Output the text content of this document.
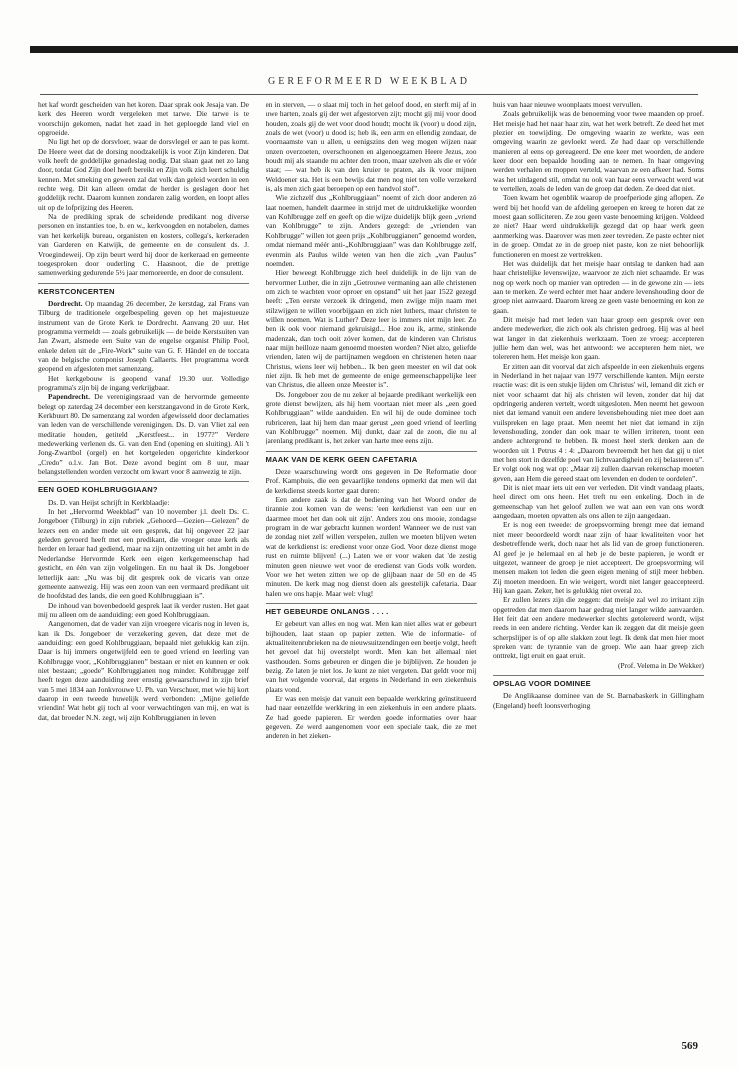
GEREFORMEERD WEEKBLAD

het kaf wordt gescheiden van het koren. Daar sprak ook Jesaja van. De kerk des Heeren wordt vergeleken met tarwe. Die tarwe is te voorschijn gekomen, nadat het zaad in het geploegde land viel en opgroeide.

Nu ligt het op de dorsvloer, waar de dorsvlegel er aan te pas komt. De Heere weet dat de dorsing noodzakelijk is voor Zijn kinderen. Dat volk heeft de goddelijke genadeslag nodig. Dat slaan gaat net zo lang door, totdat God Zijn doel heeft bereikt en Zijn volk zich leert schuldig kennen. Met smeking en geween zal dat volk dan geleid worden in een rechte weg. Dit kan alleen omdat de herder is geslagen door het goddelijk recht. Daarom kunnen zondaren zalig worden, en loopt alles uit op de lofprijzing des Heeren.

Na de prediking sprak de scheidende predikant nog diverse personen en instanties toe, b. en w., kerkvoogden en notabelen, dames van het kerkelijk bureau, organisten en kosters, collega's, kerkeraden van Garderen en Katwijk, de gemeente en de consulent ds. J. Vroegindeweij. Op zijn beurt werd hij door de kerkeraad en gemeente toegesproken door ouderling C. Haasnoot, die de prettige samenwerking gedurende 5½ jaar memoreerde, en door de consulent.

KERSTCONCERTEN

Dordrecht. Op maandag 26 december, 2e kerstdag, zal Frans van Tilburg de traditionele orgelbespeling geven op het majestueuze instrument van de Grote Kerk te Dordrecht. Aanvang 20 uur. Het programma vermeldt — zoals gebruikelijk — de beide Kerstsuiten van Jan Zwart, alsmede een Suite van de engelse organist Philip Pool, enkele delen uit de „Fire-Work” suite van G. F. Händel en de toccata van de belgische componist Joseph Callaerts. Het programma wordt geopend en afgesloten met samenzang.

Het kerkgebouw is geopend vanaf 19.30 uur. Volledige programma's zijn bij de ingang verkrijgbaar.

Papendrecht. De verenigingsraad van de hervormde gemeente belegt op zaterdag 24 december een kerstzangavond in de Grote Kerk, Kerkbuurt 80. De samenzang zal worden afgewisseld door declamaties van leden van de verschillende verenigingen. Ds. D. van Vliet zal een meditatie houden, getiteld „Kerstfeest... in 1977?” Verdere medewerking verlenen ds. G. van den End (opening en sluiting). Ali 't Jong-Zwartbol (orgel) en het kortgeleden opgerichte kinderkoor „Credo” o.l.v. Jan Bot. Deze avond begint om 8 uur, maar belangstellenden worden verzocht om kwart voor 8 aanwezig te zijn.

EEN GOED KOHLBRUGGIAAN?

Ds. D. van Heijst schrijft in Kerkblaadje:

In het „Hervormd Weekblad” van 10 november j.l. deelt Ds. C. Jongeboer (Tilburg) in zijn rubriek „Gehoord—Gezien—Gelezen” de lezers een en ander mede uit een gesprek, dat hij ongeveer 22 jaar geleden gevoerd heeft met een predikant, die vroeger onze kerk als herder en leraar had gediend, maar na zijn ontzetting uit het ambt in de Nederlandse Hervormde Kerk een eigen kerkgemeenschap had gesticht, en één van zijn volgelingen. En nu haal ik Ds. Jongeboer letterlijk aan: „Nu was bij dit gesprek ook de vicaris van onze gemeente aanwezig. Hij was een zoon van een vermaard predikant uit de hoofdstad des lands, die een goed Kohlbruggiaan is”.

De inhoud van bovenbedoeld gesprek laat ik verder rusten. Het gaat mij nu alleen om de aanduiding: een goed Kohlbruggiaan.

Aangenomen, dat de vader van zijn vroegere vicaris nog in leven is, kan ik Ds. Jongeboer de verzekering geven, dat deze met de aanduiding: een goed Kohlbruggiaan, bepaald niet gelukkig kan zijn. Daar is hij immers ongetwijfeld een te goed vriend en leerling van Kohlbrugge voor, „Kohlbruggianen” bestaan er niet en kunnen er ook niet bestaan; „goede” Kohlbruggianen nog minder. Kohlbrugge zelf heeft tegen deze aanduiding zeer ernstig gewaarschuwd in zijn brief van 5 mei 1834 aan Jonkvrouwe U. Ph. van Verschuer, met wie hij kort daarop in een tweede huwelijk werd verbonden: „Mijne geliefde vriendin! Wat hebt gij toch al voor verwachtingen van mij, en wat is dat, dat broeder N.N. zegt, wij zijn Kohlbruggianen in leven

en in sterven, — o slaat mij toch in het geloof dood, en sterft mij af in uwe harten, zoals gij der wet afgestorven zijt; mocht gij mij voor dood houden, zoals gij de wet voor dood houdt; mocht ik (voor) u dood zijn, zoals de wet (voor) u dood is; heb ik, een arm en ellendig zondaar, de voornaamste van u allen, u eenigszins den weg mogen wijzen naar onzen overzoeten, overschoonen en algenoegzamen Heere Jezus, zoo houdt mij als staande nu achter den troon, maar uzelven als die er vóór staat; — wat heb ik van den kruier te praten, als ik voor mijnen Weldoener sta. Het is een bewijs dat men nog niet ten volle verzekerd is, als men zich gaat beroepen op een handvol stof”.

Wie zichzelf dus „Kohlbruggiaan” noemt of zich door anderen zó laat noemen, handelt daarmee in strijd met de uitdrukkelijke woorden van Kohlbrugge zelf en geeft op die wijze duidelijk blijk geen „vriend van Kohlbrugge” te zijn. Anders gezegd: de „vrienden van Kohlbrugge” willen tot geen prijs „Kohlbruggianen” genoemd worden, omdat niemand méér anti-„Kohlbruggiaan” was dan Kohlbrugge zelf, evenmin als Paulus wilde weten van hen die zich „van Paulus” noemden.

Hier beweegt Kohlbrugge zich heel duidelijk in de lijn van de hervormer Luther, die in zijn „Getrouwe vermaning aan alle christenen om zich te wachten voor oproer en opstand” uit het jaar 1522 gezegd heeft: „Ten eerste verzoek ik dringend, men zwijge mijn naam met stilzwijgen te willen voorbijgaan en zich niet luthers, maar christen te willen noemen. Wat is Luther? Deze leer is immers niet mijn leer. Zo ben ik ook voor niemand gekruisigd... Hoe zou ik, arme, stinkende madenzak, dan toch ooit zóver komen, dat de kinderen van Christus naar mijn heilloze naam genoemd moesten worden? Niet alzo, geliefde vrienden, laten wij de partijnamen wegdoen en christenen heten naar Christus, wiens leer wij hebben... Ik ben geen meester en wil dat ook niet zijn. Ik heb met de gemeente de enige gemeenschappelijke leer van Christus, die alleen onze Meester is”.

Ds. Jongeboer zou de nu zeker al bejaarde predikant werkelijk een grote dienst bewijzen, als hij hem voortaan niet meer als „een goed Kohlbruggiaan” wilde aanduiden. En wil hij de oude dominee toch rubriceren, laat hij hem dan maar gerust „een goed vriend of leerling van Kohlbrugge” noemen. Mij dunkt, daar zal de zoon, die nu al jarenlang predikant is, het zeker van harte mee eens zijn.

MAAK VAN DE KERK GEEN CAFETARIA

Deze waarschuwing wordt ons gegeven in De Reformatie door Prof. Kamphuis, die een gevaarlijke tendens opmerkt dat men wil dat de kerkdienst steeds korter gaat duren:

Een andere zaak is dat de bediening van het Woord onder de tirannie zou komen van de wens: 'een kerkdienst van een uur en daarmee moet het dan ook uit zijn'. Anders zou ons mooie, zondagse program in de war gebracht kunnen worden! Wanneer we de rust van de zondag niet zelf willen verspelen, zullen we moeten blijven weten wat de kerkdienst is: eredienst voor onze God. Voor deze dienst moge rust en ruimte blijven! (...) Laten we er voor waken dat 'de zestig minuten geen nieuwe wet voor de eredienst van Gods volk worden. Voor we het weten zitten we op de glijbaan naar de 50 en de 45 minuten. De kerk mag nog dienst doen als geestelijk cafetaria. Daar halen we ons hapje. Maar wel: vlug!

HET GEBEURDE ONLANGS . . . .

Er gebeurt van alles en nog wat. Men kan niet alles wat er gebeurt bijhouden, laat staan op papier zetten. Wie de informatie- of aktualiteitenrubrieken na de nieuwsuitzendingen een beetje volgt, heeft het gevoel dat hij overstelpt wordt. Men kan het allemaal niet vasthouden. Soms gebeuren er dingen die je bijblijven. Ze houden je bezig. Ze laten je niet los. Je kunt ze niet vergeten. Dat geldt voor mij van het volgende voorval, dat ergens in Nederland in een ziekenhuis plaats vond.

Er was een meisje dat vanuit een bepaalde werkkring geïnstitueerd had naar eenzelfde werkkring in een ziekenhuis in een andere plaats. Ze had goede papieren. Er werden goede informaties over haar gegeven. Ze werd aangenomen voor een speciale taak, die ze met anderen in het zieken-

huis van haar nieuwe woonplaats moest vervullen.

Zoals gebruikelijk was de benoeming voor twee maanden op proef. Het meisje had het naar haar zin, wat het werk betreft. Ze deed het met plezier en toewijding. De omgeving waarin ze werkte, was een omgeving waarin ze gevloekt werd. Ze had daar op verschillende manieren al eens op gereageerd. De ene keer met woorden, de andere keer door een bepaalde houding aan te nemen. In haar omgeving werden verhalen en moppen verteld, waarvan ze een afkeer had. Soms was het uitdagend stil, omdat nu ook van haar eens verwacht werd wat te vertellen, zoals de leden van de groep dat deden. Ze deed dat niet.

Toen kwam het ogenblik waarop de proefperiode ging aflopen. Ze werd bij het hoofd van de afdeling geroepen en kreeg te horen dat ze moest gaan solliciteren. Ze zou geen vaste benoeming krijgen. Voldeed ze niet? Haar werd uitdrukkelijk gezegd dat op haar werk geen aanmerking was. Daarover was men zeer tevreden. Ze paste echter niet in de groep. Omdat ze in de groep niet paste, kon ze niet behoorlijk functioneren en moest ze vertrekken.

Het was duidelijk dat het meisje haar ontslag te danken had aan haar christelijke levenswijze, waarvoor ze zich niet schaamde. Er was nog op werk noch op manier van optreden — in de gewone zin — iets aan te merken. Ze werd echter met haar andere levenshouding door de groep niet aanvaard. Daarom kreeg ze geen vaste benoeming en kon ze gaan.

Dit meisje had met leden van haar groep een gesprek over een andere medewerker, die zich ook als christen gedroeg. Hij was al heel wat langer in dat ziekenhuis werkzaam. Toen ze vroeg: accepteren jullie hem dan wel, was het antwoord: we accepteren hem niet, we tolereren hem. Het meisje kon gaan.

Er zitten aan dit voorval dat zich afspeelde in een ziekenhuis ergens in Nederland in het najaar van 1977 verschillende kanten. Mijn eerste reactie was: dit is een stukje lijden om Christus' wil, lemand dit zich er niet voor schaamt dat hij als christen wil leven, zonder dat hij dat opdringerig anderen vertelt, wordt uitgesloten. Men neemt het gewoon niet dat iemand vanuit een andere levensbehouding niet mee doet aan vuilspreken en lage praat. Men neemt het niet dat iemand in zijn levenshouding, zonder dan ook maar te willen irriteren, toont een andere achtergrond te hebben. Ik moest heel sterk denken aan de woorden uit 1 Petrus 4 : 4: „Daarom bevreemdt het hen dat gij u niet met hen stort in dezelfde poel van lichtvaardigheid en zij belasteren u”. Er volgt ook nog wat op: „Maar zij zullen daarvan rekenschap moeten geven, aan Hem die gereed staat om levenden en doden te oordelen”.

Dit is niet maar iets uit een ver verleden. Dit vindt vandaag plaats, heel direct om ons heen. Het treft nu een enkeling. Doch in de gemeenschap van het geloof zullen we wat aan een van ons wordt aangedaan, moeten opvatten als ons allen te zijn aangedaan.

Er is nog een tweede: de groepsvorming brengt mee dat iemand niet meer beoordeeld wordt naar zijn of haar kwaliteiten voor het desbetreffende werk, doch naar het als lid van de groep functioneren. Al geef je je helemaal en al heb je de beste papieren, je wordt er uitgezet, wanneer de groep je niet accepteert. De groepsvorming wil mensen maken tot leden die geen eigen mening of stijl meer hebben. Zij moeten meedoen. En wie weigert, wordt niet langer geaccepteerd. Hij kan gaan. Zeker, het is gelukkig niet overal zo.

Er zullen lezers zijn die zeggen: dat meisje zal wel zo irritant zijn opgetreden dat men daarom haar gedrag niet langer wilde aanvaarden. Het feit dat een andere medewerker slechts getolereerd wordt, wijst reeds in een andere richting. Verder kan ik zeggen dat dit meisje geen scherpslijper is of op alle slakken zout legt. Ik denk dat men hier moet spreken van: de tyrannie van de groep. Wie aan haar greep zich onttrekt, ligt eruit en gaat eruit.

(Prof. Velema in De Wekker)

OPSLAG VOOR DOMINEE

De Anglikaanse dominee van de St. Barnabaskerk in Gillingham (Engeland) heeft loonsverhoging

569
